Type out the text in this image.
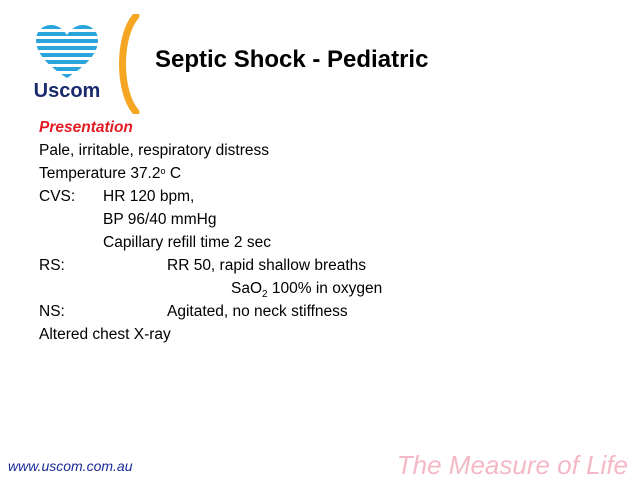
Uscom
Septic Shock - Pediatric
Presentation
Pale, irritable, respiratory distress
Temperature 37.2$^o$ C
CVS: HR 120 bpm,
BP 96/40 mmHg
Capillary refill time 2 sec
RS:	RR 50, rapid shallow breaths
SaO$_2$ 100% in oxygen
NS:	Agitated, no neck stiffness
Altered chest X-ray
www.uscom.com.au	The Measure of Life
